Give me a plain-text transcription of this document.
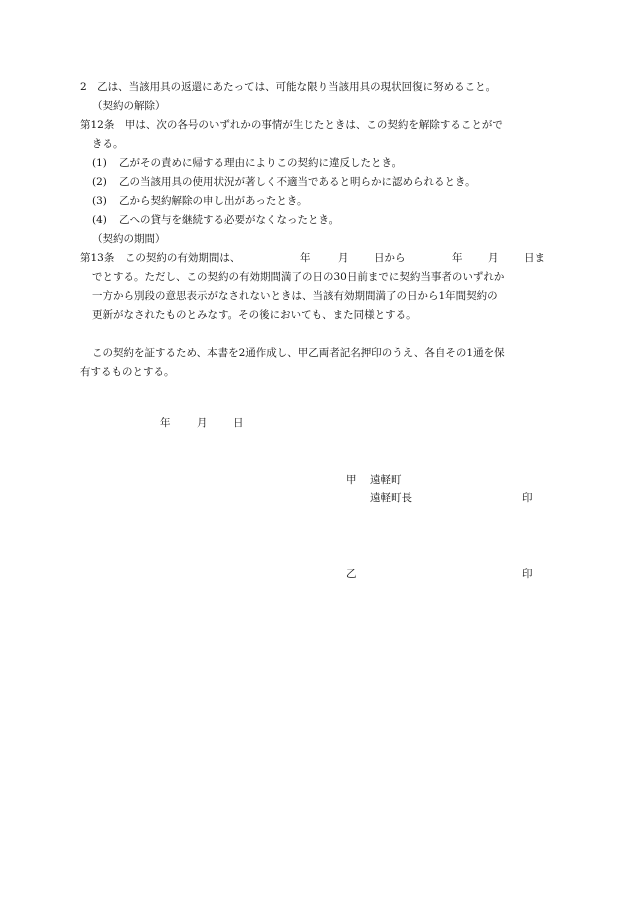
2　乙は、当該用具の返還にあたっては、可能な限り当該用具の現状回復に努めること。
（契約の解除）
第12条　甲は、次の各号のいずれかの事情が生じたときは、この契約を解除することがで
きる。
(1) 乙がその責めに帰する理由によりこの契約に違反したとき。
(2) 乙の当該用具の使用状況が著しく不適当であると明らかに認められるとき。
(3) 乙から契約解除の申し出があったとき。
(4) 乙への貸与を継続する必要がなくなったとき。
（契約の期間）
第13条　この契約の有効期間は、	年	月 日から	年 月 日ま
でとする。ただし、この契約の有効期間満了の日の30日前までに契約当事者のいずれか
一方から別段の意思表示がなされないときは、当該有効期間満了の日から1年間契約の
更新がなされたものとみなす。その後においても、また同様とする。
この契約を証するため、本書を2通作成し、甲乙両者記名押印のうえ、各自その1通を保
有するものとする。
年	月 日
甲 遠軽町
遠軽町長	印
乙	印
